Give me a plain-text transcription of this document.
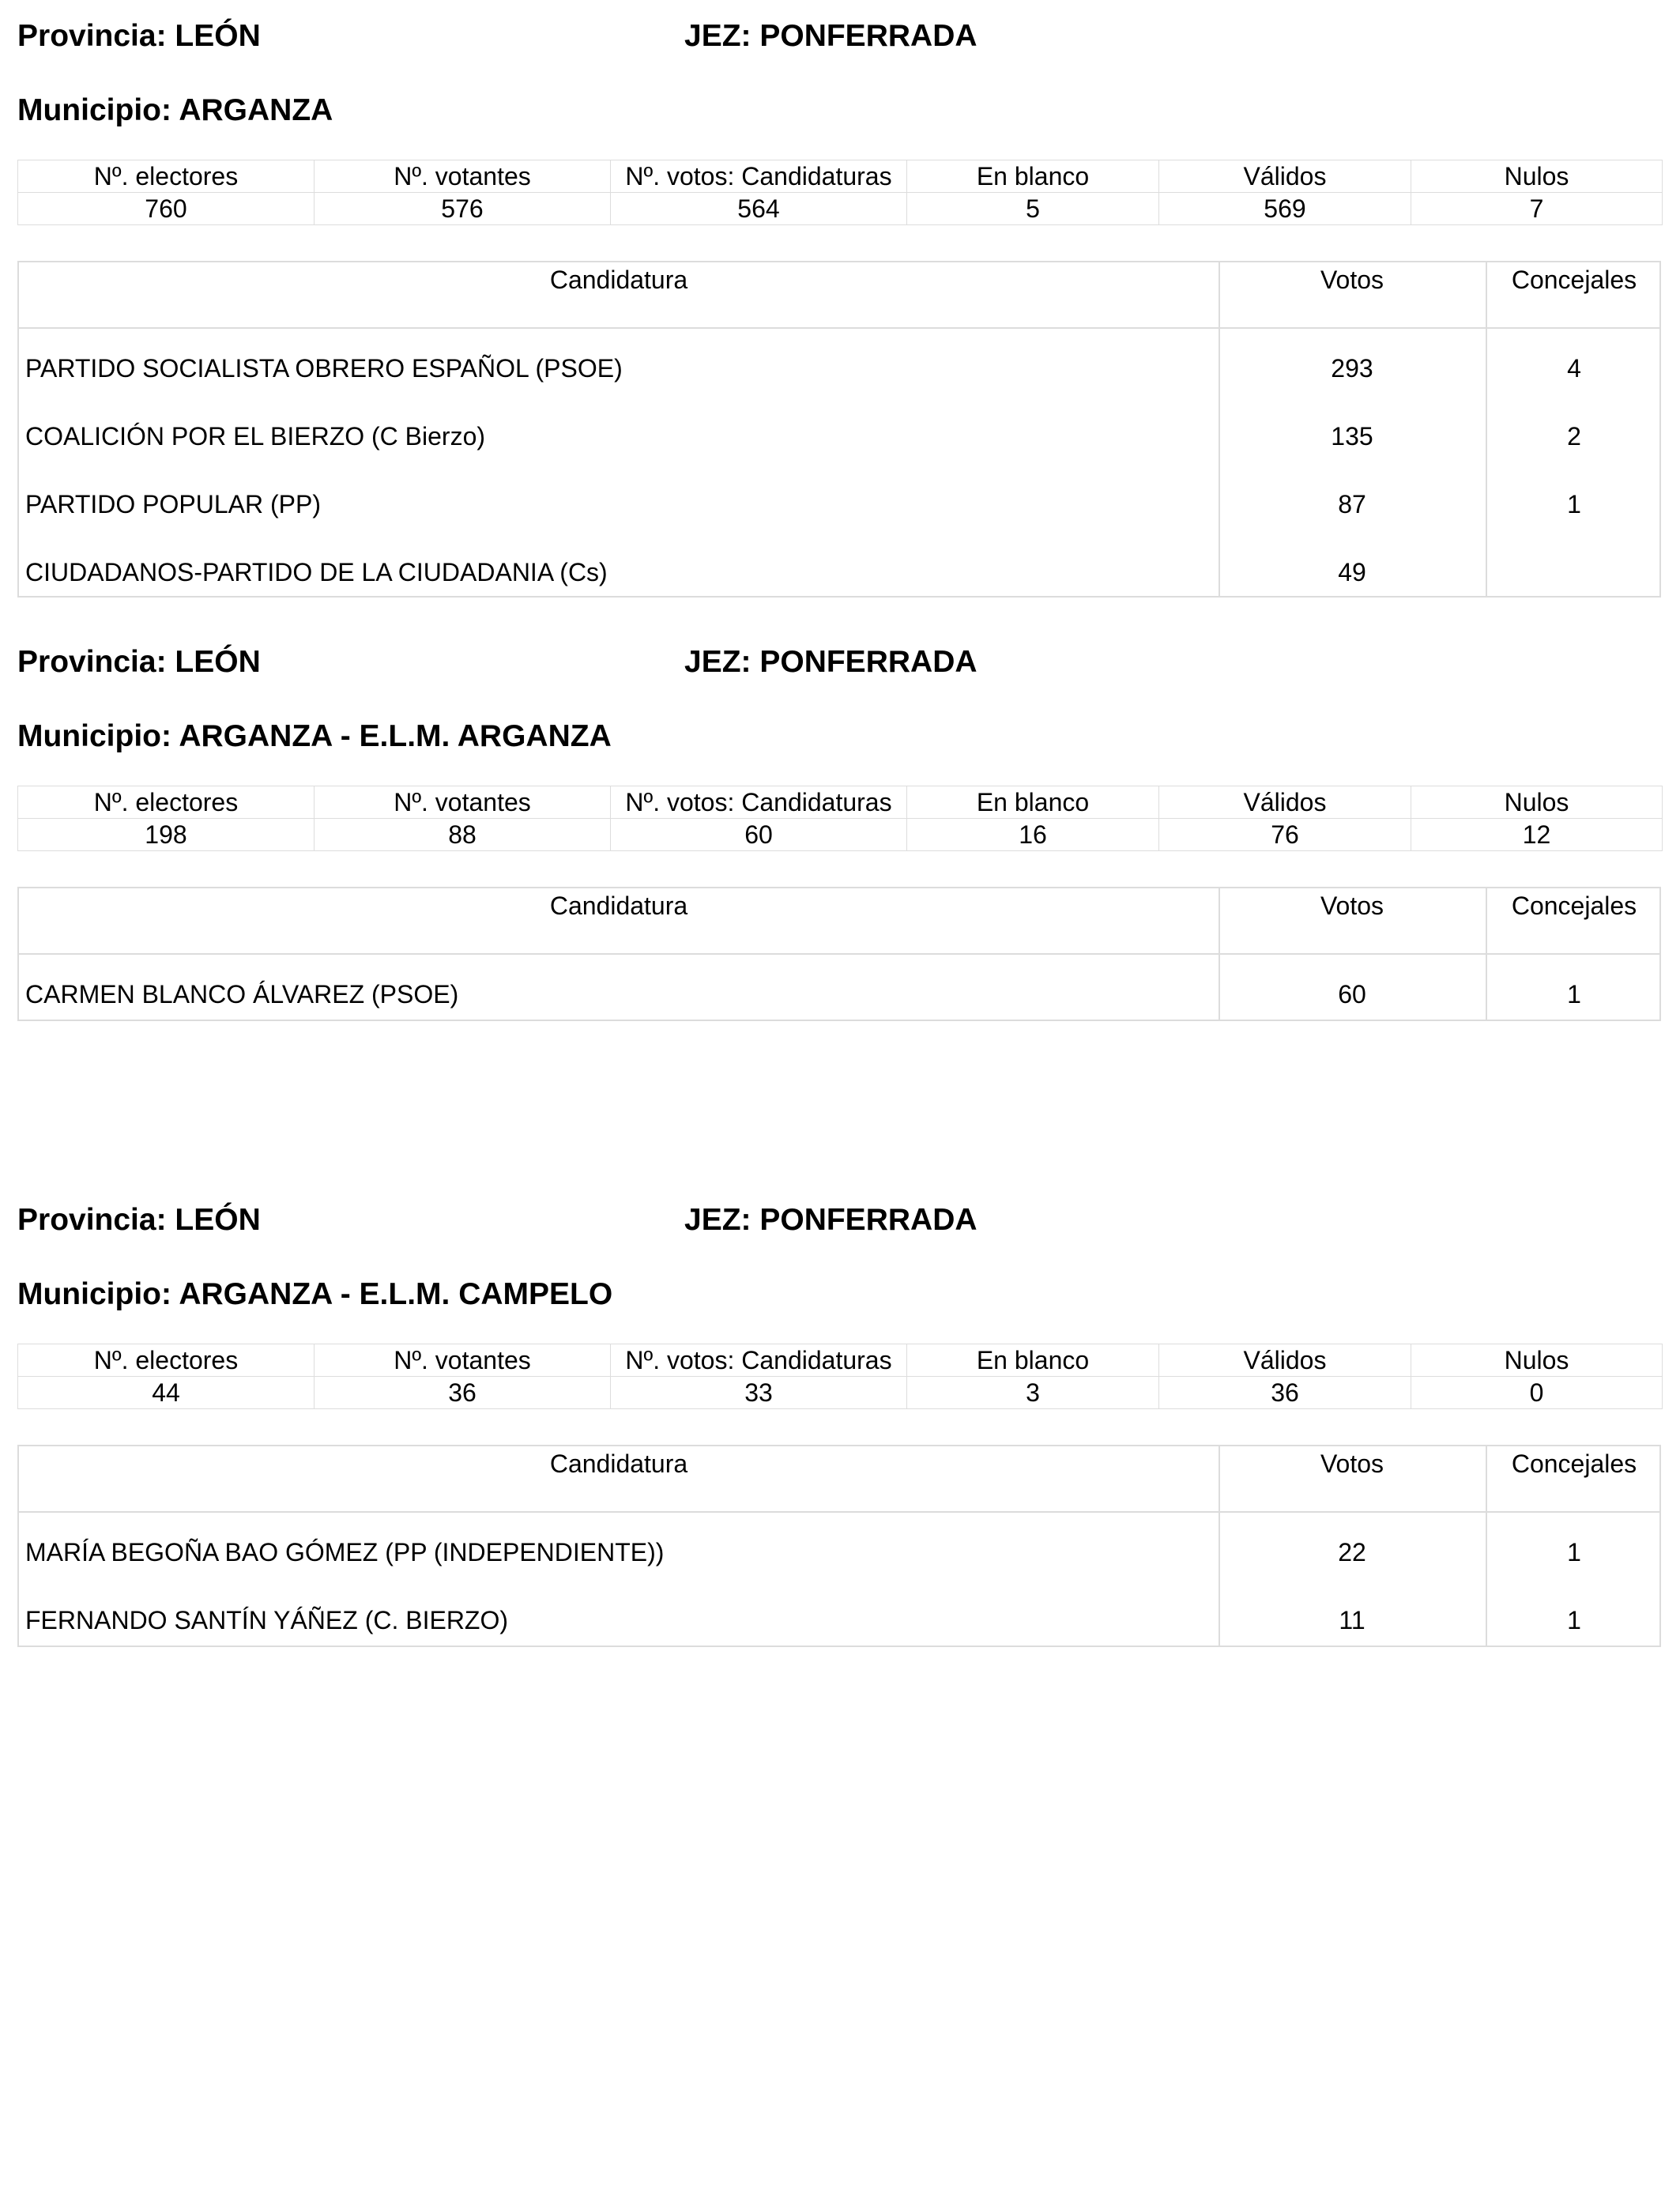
Provincia: LEÓN	JEZ: PONFERRADA
Municipio: ARGANZA
Nº. electores	Nº. votantes	Nº. votos: Candidaturas	En blanco	Válidos	Nulos
760	576	564	5	569	7
Candidatura	Votos	Concejales
PARTIDO SOCIALISTA OBRERO ESPAÑOL (PSOE)	293	4
COALICIÓN POR EL BIERZO (C Bierzo)	135	2
PARTIDO POPULAR (PP)	87	1
CIUDADANOS-PARTIDO DE LA CIUDADANIA (Cs)	49
Provincia: LEÓN	JEZ: PONFERRADA
Municipio: ARGANZA - E.L.M. ARGANZA
Nº. electores	Nº. votantes	Nº. votos: Candidaturas	En blanco	Válidos	Nulos
198	88	60	16	76	12
Candidatura	Votos	Concejales
CARMEN BLANCO ÁLVAREZ (PSOE)	60	1
Provincia: LEÓN	JEZ: PONFERRADA
Municipio: ARGANZA - E.L.M. CAMPELO
Nº. electores	Nº. votantes	Nº. votos: Candidaturas	En blanco	Válidos	Nulos
44	36	33	3	36	0
Candidatura	Votos	Concejales
MARÍA BEGOÑA BAO GÓMEZ (PP (INDEPENDIENTE))	22	1
FERNANDO SANTÍN YÁÑEZ (C. BIERZO)	11	1
